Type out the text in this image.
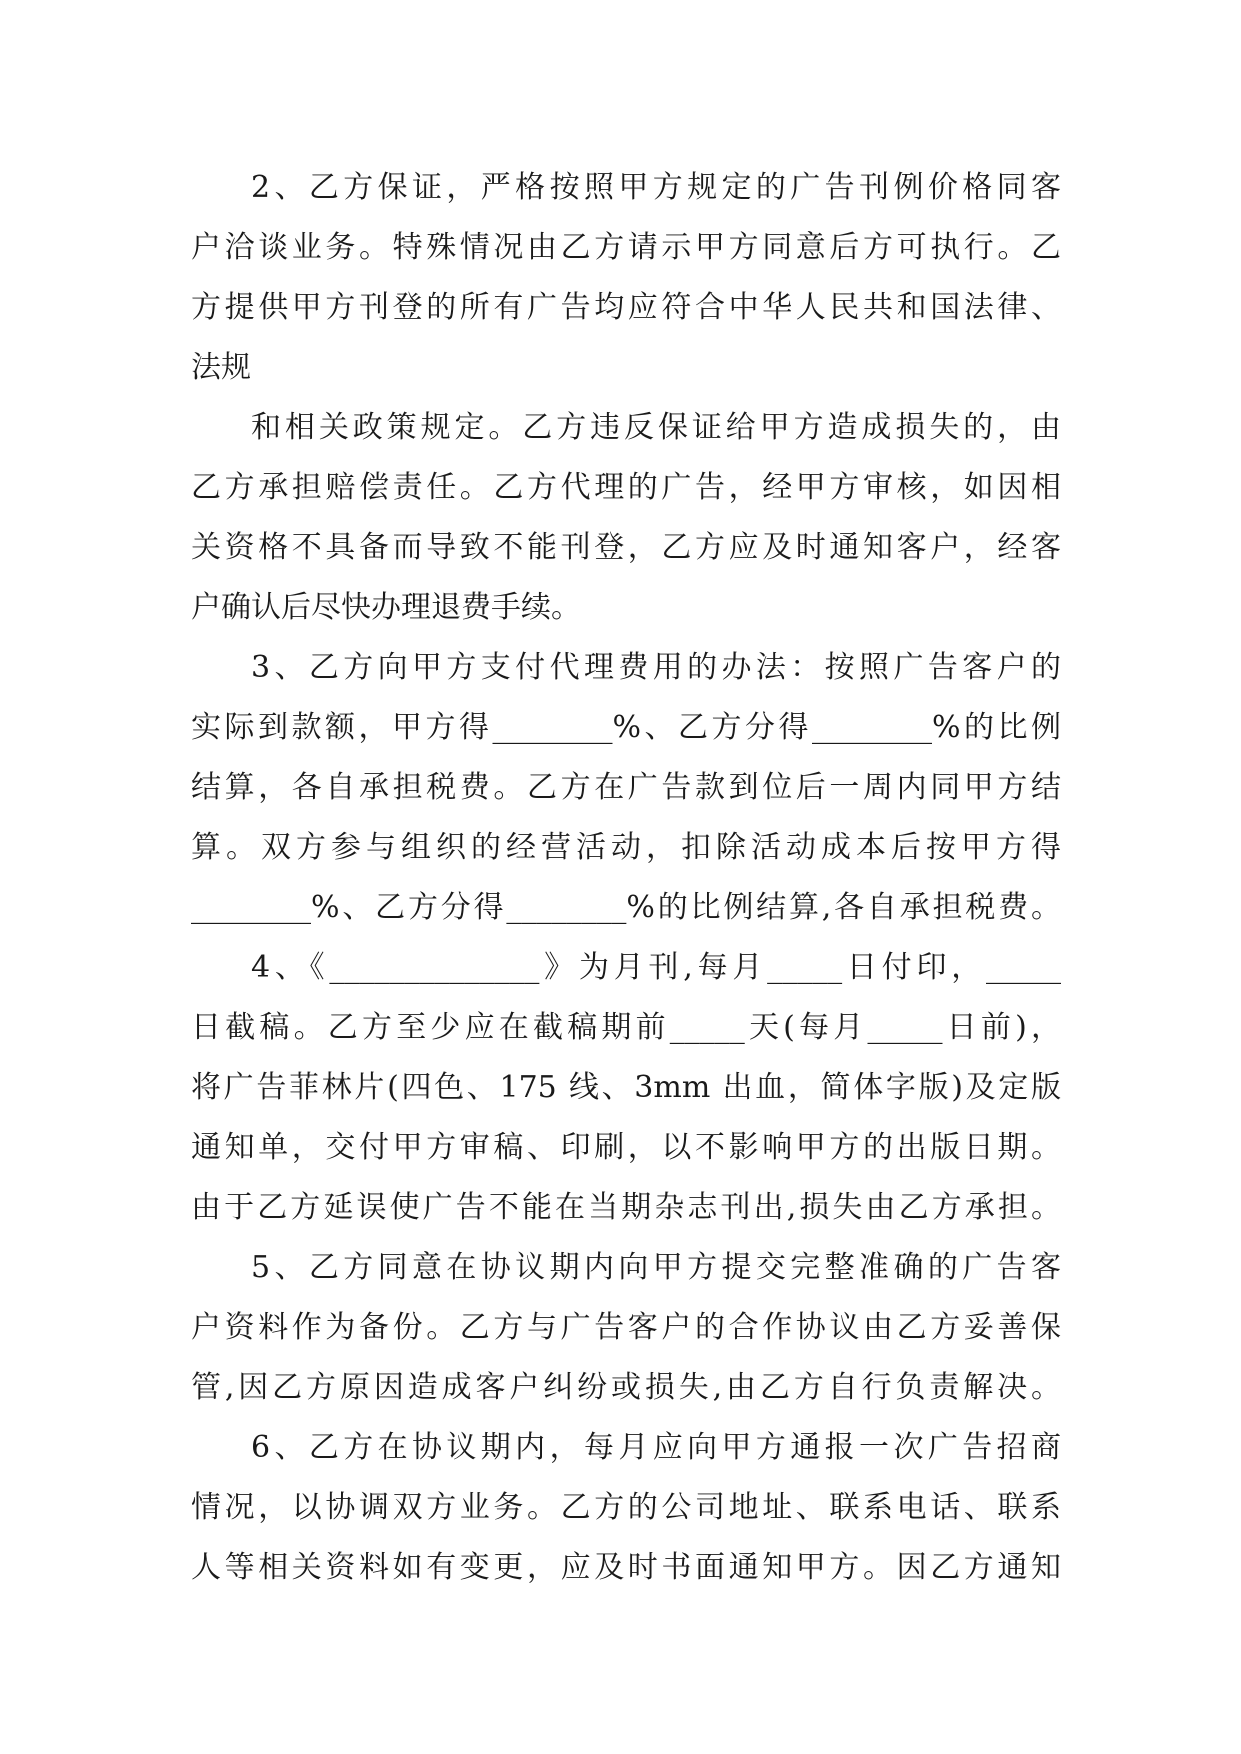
2、乙方保证，严格按照甲方规定的广告刊例价格同客
户洽谈业务。特殊情况由乙方请示甲方同意后方可执行。乙
方提供甲方刊登的所有广告均应符合中华人民共和国法律、
法规
和相关政策规定。乙方违反保证给甲方造成损失的，由
乙方承担赔偿责任。乙方代理的广告，经甲方审核，如因相
关资格不具备而导致不能刊登，乙方应及时通知客户，经客
户确认后尽快办理退费手续。
3、乙方向甲方支付代理费用的办法：按照广告客户的
实际到款额，甲方得________%、乙方分得________%的比例
结算，各自承担税费。乙方在广告款到位后一周内同甲方结
算。双方参与组织的经营活动，扣除活动成本后按甲方得
________%、乙方分得________%的比例结算,各自承担税费。
4、《______________》为月刊,每月_____日付印，_____
日截稿。乙方至少应在截稿期前_____天(每月_____日前)，
将广告菲林片(四色、175 线、3mm 出血，简体字版)及定版
通知单，交付甲方审稿、印刷，以不影响甲方的出版日期。
由于乙方延误使广告不能在当期杂志刊出,损失由乙方承担。
5、乙方同意在协议期内向甲方提交完整准确的广告客
户资料作为备份。乙方与广告客户的合作协议由乙方妥善保
管,因乙方原因造成客户纠纷或损失,由乙方自行负责解决。
6、乙方在协议期内，每月应向甲方通报一次广告招商
情况，以协调双方业务。乙方的公司地址、联系电话、联系
人等相关资料如有变更，应及时书面通知甲方。因乙方通知
